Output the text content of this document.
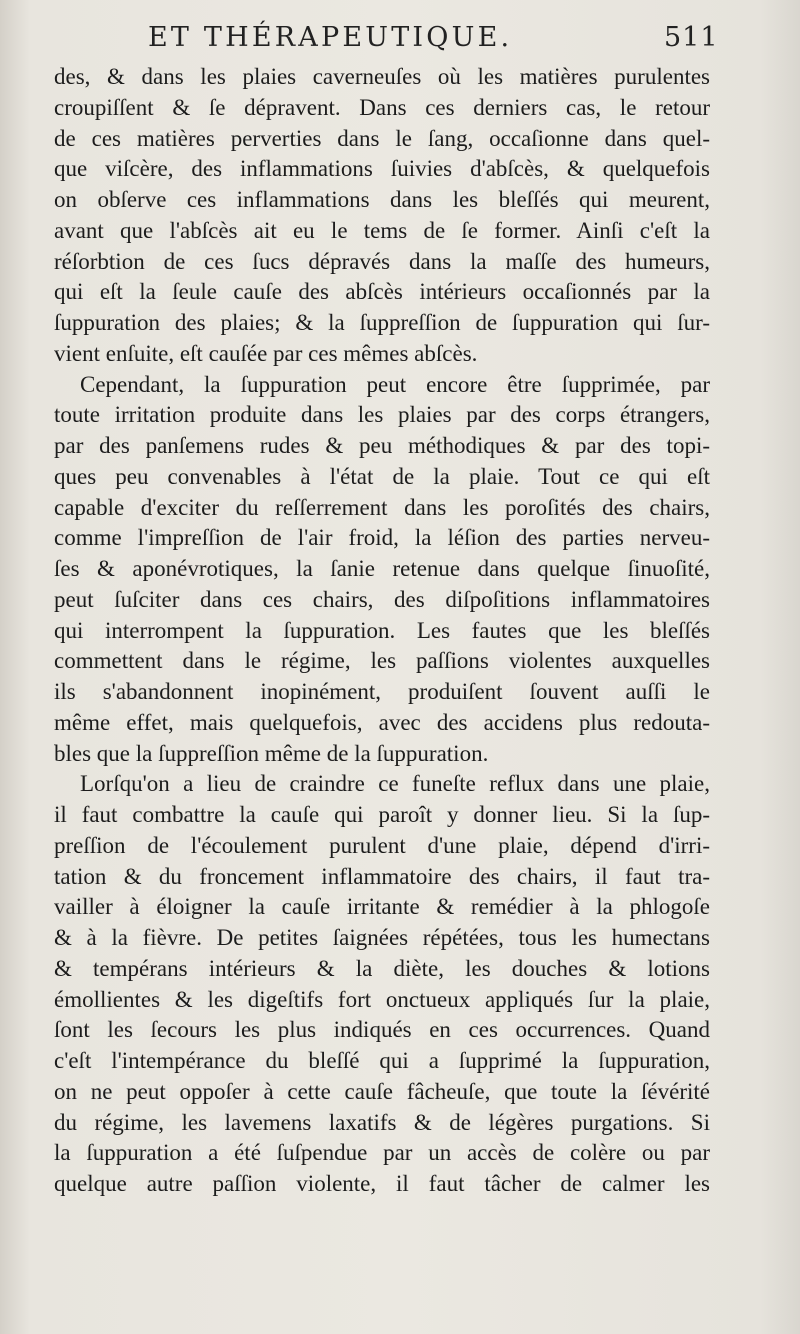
ET THÉRAPEUTIQUE.	511
des, & dans les plaies caverneuſes où les matières purulentes
croupiſſent & ſe dépravent. Dans ces derniers cas, le retour
de ces matières perverties dans le ſang, occaſionne dans quel-
que viſcère, des inflammations ſuivies d'abſcès, & quelquefois
on obſerve ces inflammations dans les bleſſés qui meurent,
avant que l'abſcès ait eu le tems de ſe former. Ainſi c'eſt la
réſorbtion de ces ſucs dépravés dans la maſſe des humeurs,
qui eſt la ſeule cauſe des abſcès intérieurs occaſionnés par la
ſuppuration des plaies; & la ſuppreſſion de ſuppuration qui ſur-
vient enſuite, eſt cauſée par ces mêmes abſcès.
Cependant, la ſuppuration peut encore être ſupprimée, par
toute irritation produite dans les plaies par des corps étrangers,
par des panſemens rudes & peu méthodiques & par des topi-
ques peu convenables à l'état de la plaie. Tout ce qui eſt
capable d'exciter du reſſerrement dans les poroſités des chairs,
comme l'impreſſion de l'air froid, la léſion des parties nerveu-
ſes & aponévrotiques, la ſanie retenue dans quelque ſinuoſité,
peut ſuſciter dans ces chairs, des diſpoſitions inflammatoires
qui interrompent la ſuppuration. Les fautes que les bleſſés
commettent dans le régime, les paſſions violentes auxquelles
ils s'abandonnent inopinément, produiſent ſouvent auſſi le
même effet, mais quelquefois, avec des accidens plus redouta-
bles que la ſuppreſſion même de la ſuppuration.
Lorſqu'on a lieu de craindre ce funeſte reflux dans une plaie,
il faut combattre la cauſe qui paroît y donner lieu. Si la ſup-
preſſion de l'écoulement purulent d'une plaie, dépend d'irri-
tation & du froncement inflammatoire des chairs, il faut tra-
vailler à éloigner la cauſe irritante & remédier à la phlogoſe
& à la fièvre. De petites ſaignées répétées, tous les humectans
& tempérans intérieurs & la diète, les douches & lotions
émollientes & les digeſtifs fort onctueux appliqués ſur la plaie,
ſont les ſecours les plus indiqués en ces occurrences. Quand
c'eſt l'intempérance du bleſſé qui a ſupprimé la ſuppuration,
on ne peut oppoſer à cette cauſe fâcheuſe, que toute la ſévérité
du régime, les lavemens laxatifs & de légères purgations. Si
la ſuppuration a été ſuſpendue par un accès de colère ou par
quelque autre paſſion violente, il faut tâcher de calmer les
